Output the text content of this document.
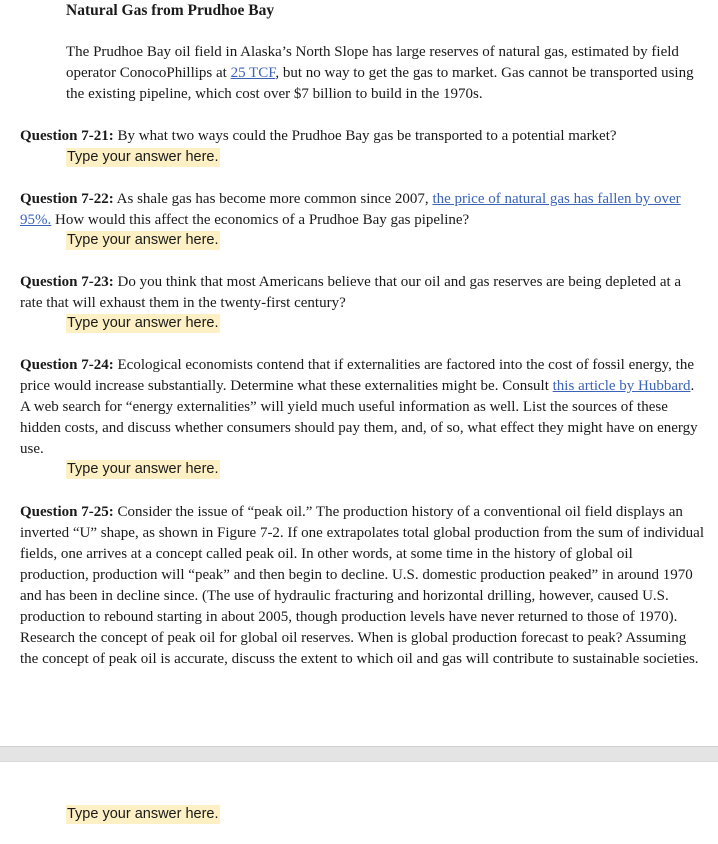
Natural Gas from Prudhoe Bay

The Prudhoe Bay oil field in Alaska’s North Slope has large reserves of natural gas, estimated by field operator ConocoPhillips at 25 TCF, but no way to get the gas to market. Gas cannot be transported using the existing pipeline, which cost over $7 billion to build in the 1970s.

Question 7-21: By what two ways could the Prudhoe Bay gas be transported to a potential market?

Type your answer here.

Question 7-22: As shale gas has become more common since 2007, the price of natural gas has fallen by over 95%. How would this affect the economics of a Prudhoe Bay gas pipeline?

Type your answer here.

Question 7-23: Do you think that most Americans believe that our oil and gas reserves are being depleted at a rate that will exhaust them in the twenty-first century?

Type your answer here.

Question 7-24: Ecological economists contend that if externalities are factored into the cost of fossil energy, the price would increase substantially. Determine what these externalities might be. Consult this article by Hubbard. A web search for “energy externalities” will yield much useful information as well. List the sources of these hidden costs, and discuss whether consumers should pay them, and, of so, what effect they might have on energy use.

Type your answer here.

Question 7-25: Consider the issue of “peak oil.” The production history of a conventional oil field displays an inverted “U” shape, as shown in Figure 7-2. If one extrapolates total global production from the sum of individual fields, one arrives at a concept called peak oil. In other words, at some time in the history of global oil production, production will “peak” and then begin to decline. U.S. domestic production peaked” in around 1970 and has been in decline since. (The use of hydraulic fracturing and horizontal drilling, however, caused U.S. production to rebound starting in about 2005, though production levels have never returned to those of 1970). Research the concept of peak oil for global oil reserves. When is global production forecast to peak? Assuming the concept of peak oil is accurate, discuss the extent to which oil and gas will contribute to sustainable societies.

Type your answer here.
